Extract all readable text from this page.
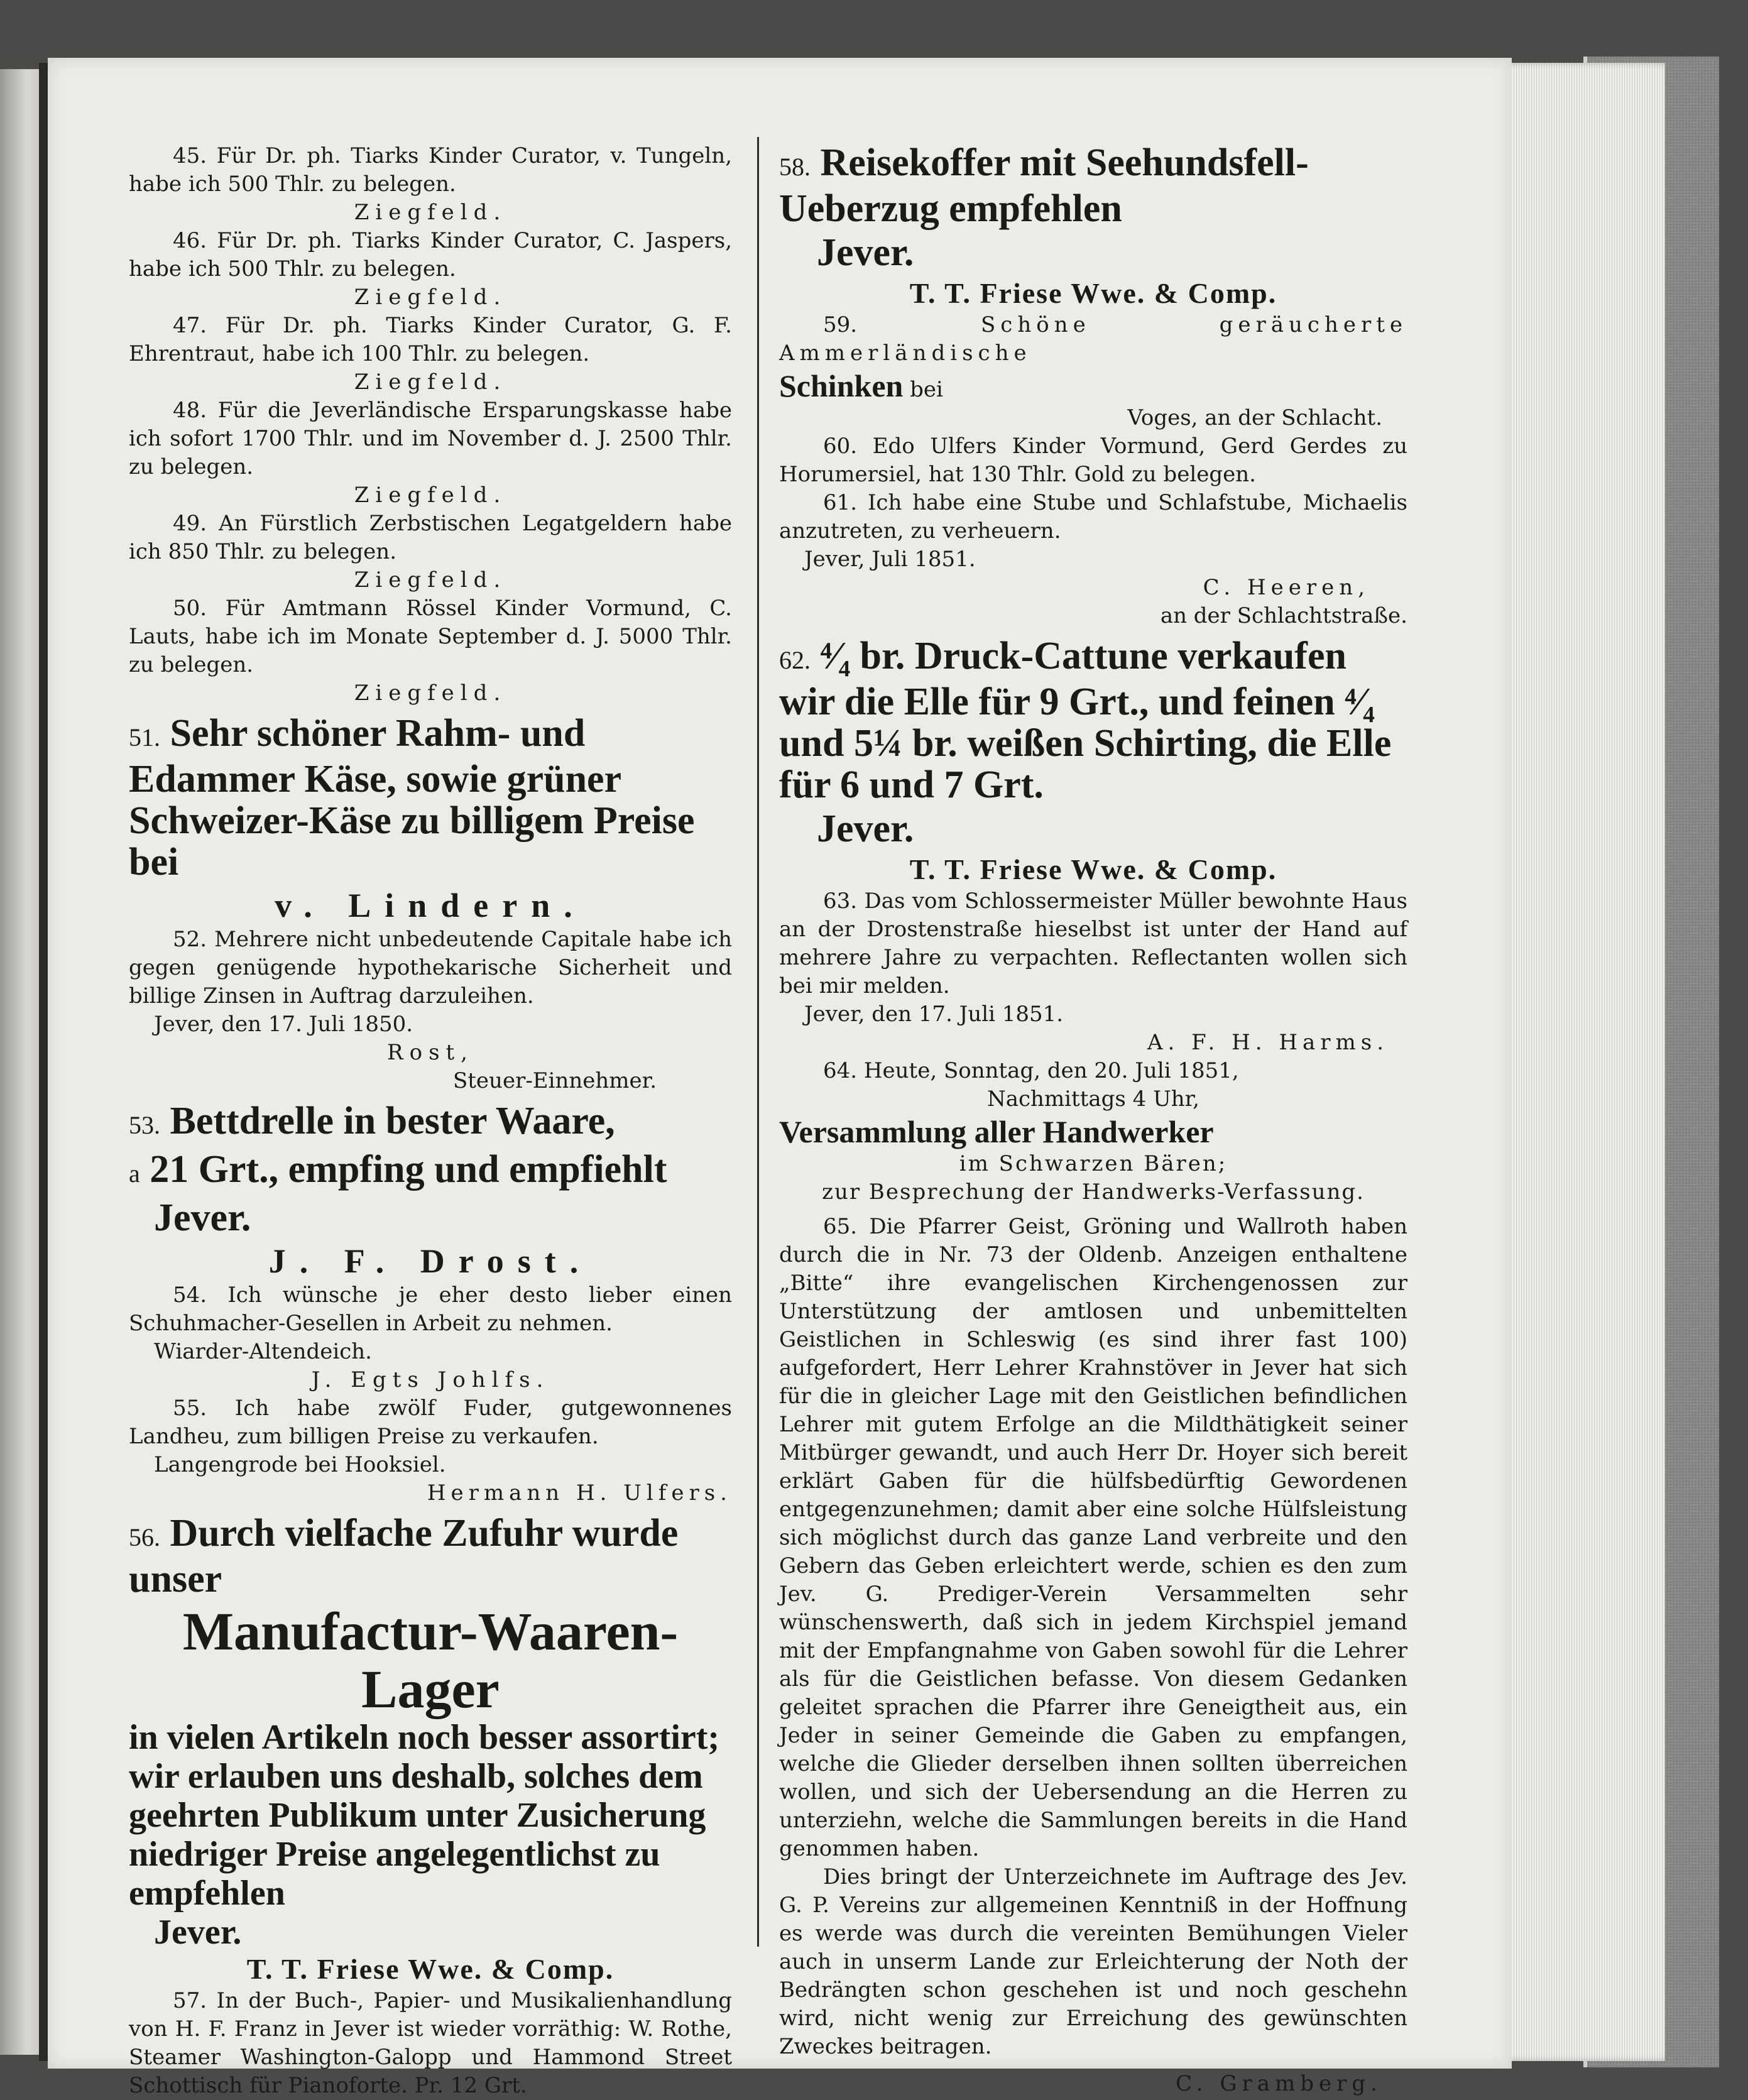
45. Für Dr. ph. Tiarks Kinder Curator, v. Tungeln, habe ich 500 Thlr. zu belegen.

Ziegfeld.

46. Für Dr. ph. Tiarks Kinder Curator, C. Jaspers, habe ich 500 Thlr. zu belegen.

Ziegfeld.

47. Für Dr. ph. Tiarks Kinder Curator, G. F. Ehrentraut, habe ich 100 Thlr. zu belegen.

Ziegfeld.

48. Für die Jeverländische Ersparungskasse habe ich sofort 1700 Thlr. und im November d. J. 2500 Thlr. zu belegen.

Ziegfeld.

49. An Fürstlich Zerbstischen Legatgeldern habe ich 850 Thlr. zu belegen.

Ziegfeld.

50. Für Amtmann Rössel Kinder Vormund, C. Lauts, habe ich im Monate September d. J. 5000 Thlr. zu belegen.

Ziegfeld.

51. Sehr schöner Rahm- und Edammer Käse, sowie grüner Schweizer-Käse zu billigem Preise bei

v. Lindern.

52. Mehrere nicht unbedeutende Capitale habe ich gegen genügende hypothekarische Sicherheit und billige Zinsen in Auftrag darzuleihen.

Jever, den 17. Juli 1850.

Rost,

Steuer-Einnehmer.

53. Bettdrelle in bester Waare,

a 21 Grt., empfing und empfiehlt

Jever.

J. F. Drost.

54. Ich wünsche je eher desto lieber einen Schuhmacher-Gesellen in Arbeit zu nehmen.

Wiarder-Altendeich.

J. Egts Johlfs.

55. Ich habe zwölf Fuder, gutgewonnenes Landheu, zum billigen Preise zu verkaufen.

Langengrode bei Hooksiel.

Hermann H. Ulfers.

56. Durch vielfache Zufuhr wurde unser

Manufactur-Waaren-Lager

in vielen Artikeln noch besser assortirt; wir erlauben uns deshalb, solches dem geehrten Publikum unter Zusicherung niedriger Preise angelegentlichst zu empfehlen

Jever.

T. T. Friese Wwe. & Comp.

57. In der Buch-, Papier- und Musikalienhandlung von H. F. Franz in Jever ist wieder vorräthig: W. Rothe, Steamer Washington-Galopp und Hammond Street Schottisch für Pianoforte. Pr. 12 Grt.

58. Reisekoffer mit Seehundsfell-Ueberzug empfehlen

Jever.

T. T. Friese Wwe. & Comp.

59.	Schöne geräucherte Ammerländische

Schinken bei

Voges, an der Schlacht.

60. Edo Ulfers Kinder Vormund, Gerd Gerdes zu Horumersiel, hat 130 Thlr. Gold zu belegen.

61. Ich habe eine Stube und Schlafstube, Michaelis anzutreten, zu verheuern.

Jever, Juli 1851.

C. Heeren,

an der Schlachtstraße.

62. ⁴⁄₄ br. Druck-Cattune verkaufen wir die Elle für 9 Grt., und feinen ⁴⁄₄ und 5¼ br. weißen Schirting, die Elle für 6 und 7 Grt.

Jever.

T. T. Friese Wwe. & Comp.

63. Das vom Schlossermeister Müller bewohnte Haus an der Drostenstraße hieselbst ist unter der Hand auf mehrere Jahre zu verpachten. Reflectanten wollen sich bei mir melden.

Jever, den 17. Juli 1851.

A. F. H. Harms.

64. Heute, Sonntag, den 20. Juli 1851,

Nachmittags 4 Uhr,

Versammlung aller Handwerker

im Schwarzen Bären;

zur Besprechung der Handwerks-Verfassung.

65. Die Pfarrer Geist, Gröning und Wallroth haben durch die in Nr. 73 der Oldenb. Anzeigen enthaltene „Bitte“ ihre evangelischen Kirchengenossen zur Unterstützung der amtlosen und unbemittelten Geistlichen in Schleswig (es sind ihrer fast 100) aufgefordert, Herr Lehrer Krahnstöver in Jever hat sich für die in gleicher Lage mit den Geistlichen befindlichen Lehrer mit gutem Erfolge an die Mildthätigkeit seiner Mitbürger gewandt, und auch Herr Dr. Hoyer sich bereit erklärt Gaben für die hülfsbedürftig Gewordenen entgegenzunehmen; damit aber eine solche Hülfsleistung sich möglichst durch das ganze Land verbreite und den Gebern das Geben erleichtert werde, schien es den zum Jev. G. Prediger-Verein Versammelten sehr wünschenswerth, daß sich in jedem Kirchspiel jemand mit der Empfangnahme von Gaben sowohl für die Lehrer als für die Geistlichen befasse. Von diesem Gedanken geleitet sprachen die Pfarrer ihre Geneigtheit aus, ein Jeder in seiner Gemeinde die Gaben zu empfangen, welche die Glieder derselben ihnen sollten überreichen wollen, und sich der Uebersendung an die Herren zu unterziehn, welche die Sammlungen bereits in die Hand genommen haben.

Dies bringt der Unterzeichnete im Auftrage des Jev. G. P. Vereins zur allgemeinen Kenntniß in der Hoffnung es werde was durch die vereinten Bemühungen Vieler auch in unserm Lande zur Erleichterung der Noth der Bedrängten schon geschehen ist und noch geschehn wird, nicht wenig zur Erreichung des gewünschten Zweckes beitragen.

C. Gramberg.
